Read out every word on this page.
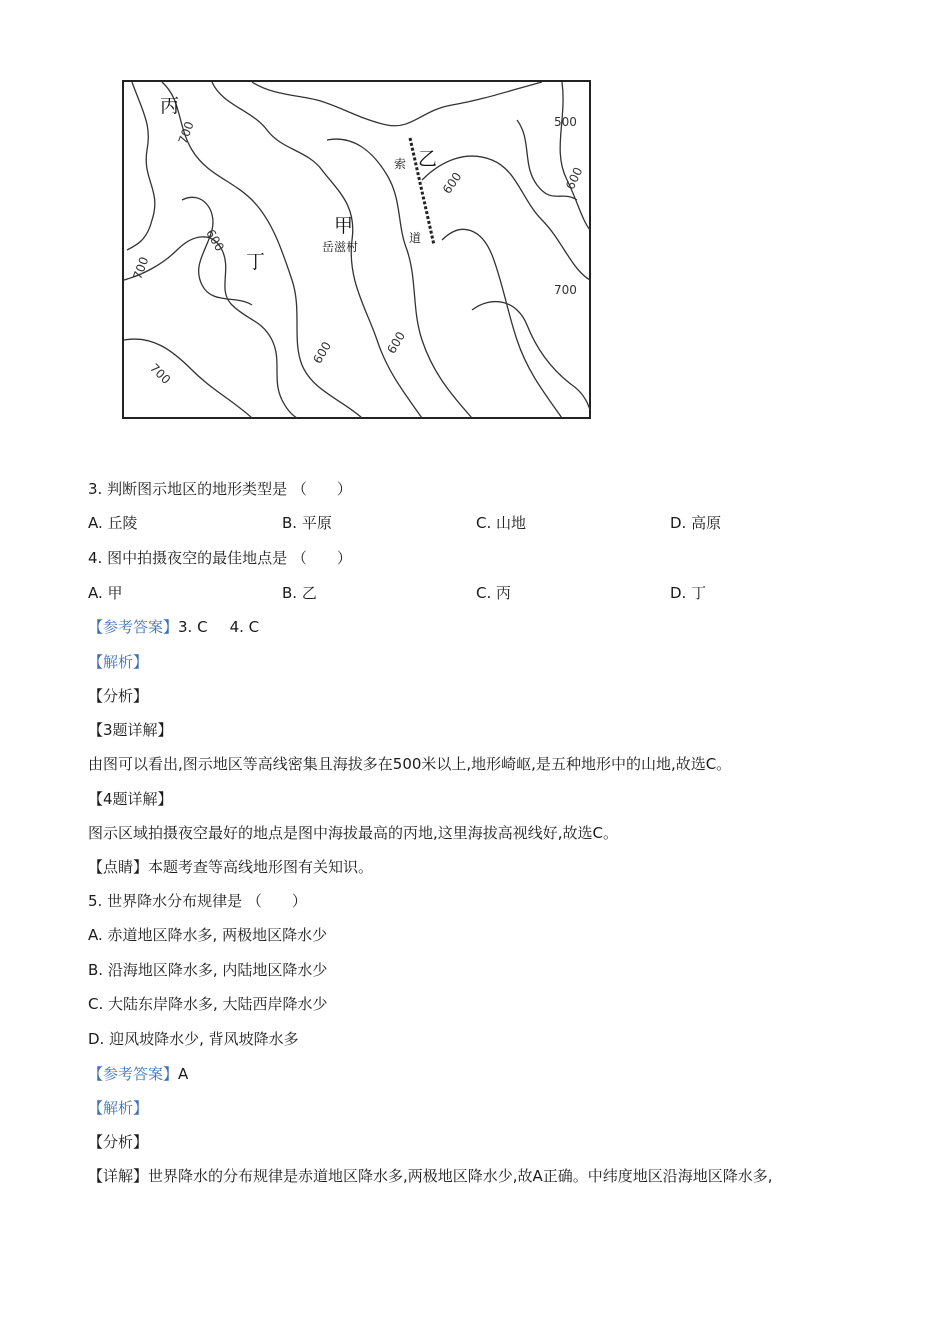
丙
乙
甲
丁
岳滋村
索
道
700	500
600	600
700
700
600
600	600
700
3. 判断图示地区的地形类型是 （　　）
A. 丘陵	B. 平原	C. 山地	D. 高原
4. 图中拍摄夜空的最佳地点是 （　　）
A. 甲	B. 乙	C. 丙	D. 丁
【参考答案】3. C 4. C
【解析】
【分析】
【3题详解】
由图可以看出,图示地区等高线密集且海拔多在500米以上,地形崎岖,是五种地形中的山地,故选C。
【4题详解】
图示区域拍摄夜空最好的地点是图中海拔最高的丙地,这里海拔高视线好,故选C。
【点睛】本题考查等高线地形图有关知识。
5. 世界降水分布规律是 （　　）
A. 赤道地区降水多, 两极地区降水少
B. 沿海地区降水多, 内陆地区降水少
C. 大陆东岸降水多, 大陆西岸降水少
D. 迎风坡降水少, 背风坡降水多
【参考答案】A
【解析】
【分析】
【详解】世界降水的分布规律是赤道地区降水多,两极地区降水少,故A正确。中纬度地区沿海地区降水多,
